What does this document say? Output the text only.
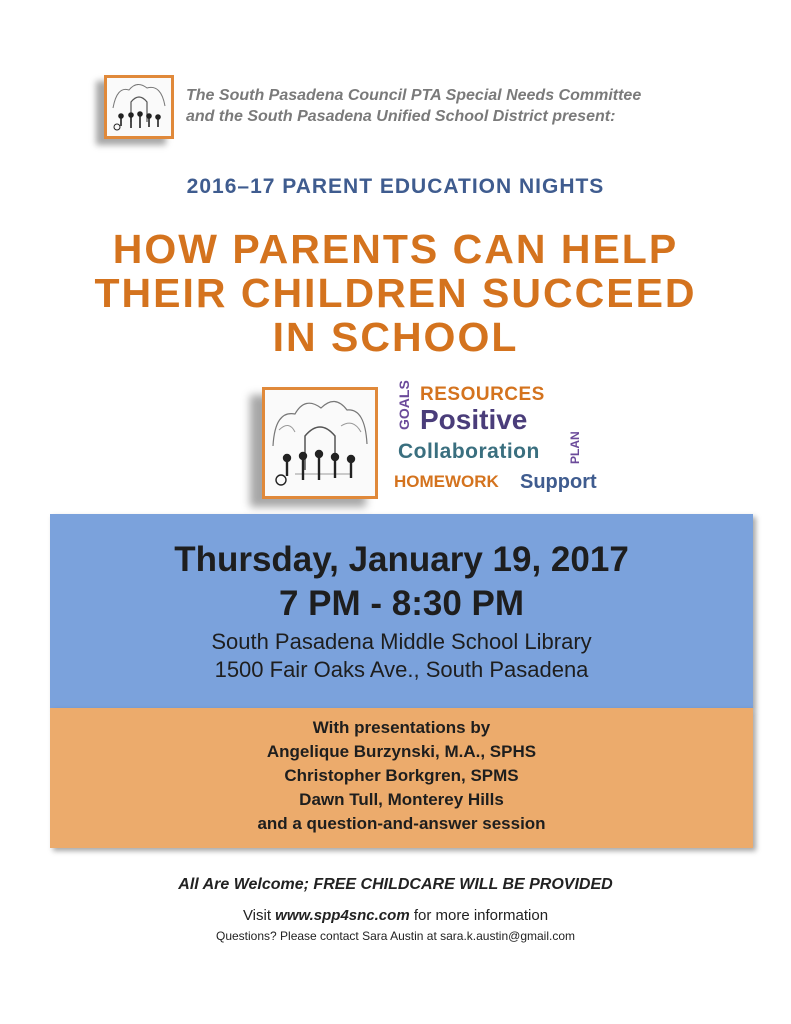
The South Pasadena Council PTA Special Needs Committee
and the South Pasadena Unified School District present:
2016–17 PARENT EDUCATION NIGHTS
HOW PARENTS CAN HELP
THEIR CHILDREN SUCCEED
IN SCHOOL
GOALS RESOURCES
Positive
Collaboration PLAN
HOMEWORK Support
Thursday, January 19, 2017
7 PM - 8:30 PM
South Pasadena Middle School Library
1500 Fair Oaks Ave., South Pasadena
With presentations by
Angelique Burzynski, M.A., SPHS
Christopher Borkgren, SPMS
Dawn Tull, Monterey Hills
and a question-and-answer session
All Are Welcome; FREE CHILDCARE WILL BE PROVIDED
Visit www.spp4snc.com for more information
Questions? Please contact Sara Austin at sara.k.austin@gmail.com
